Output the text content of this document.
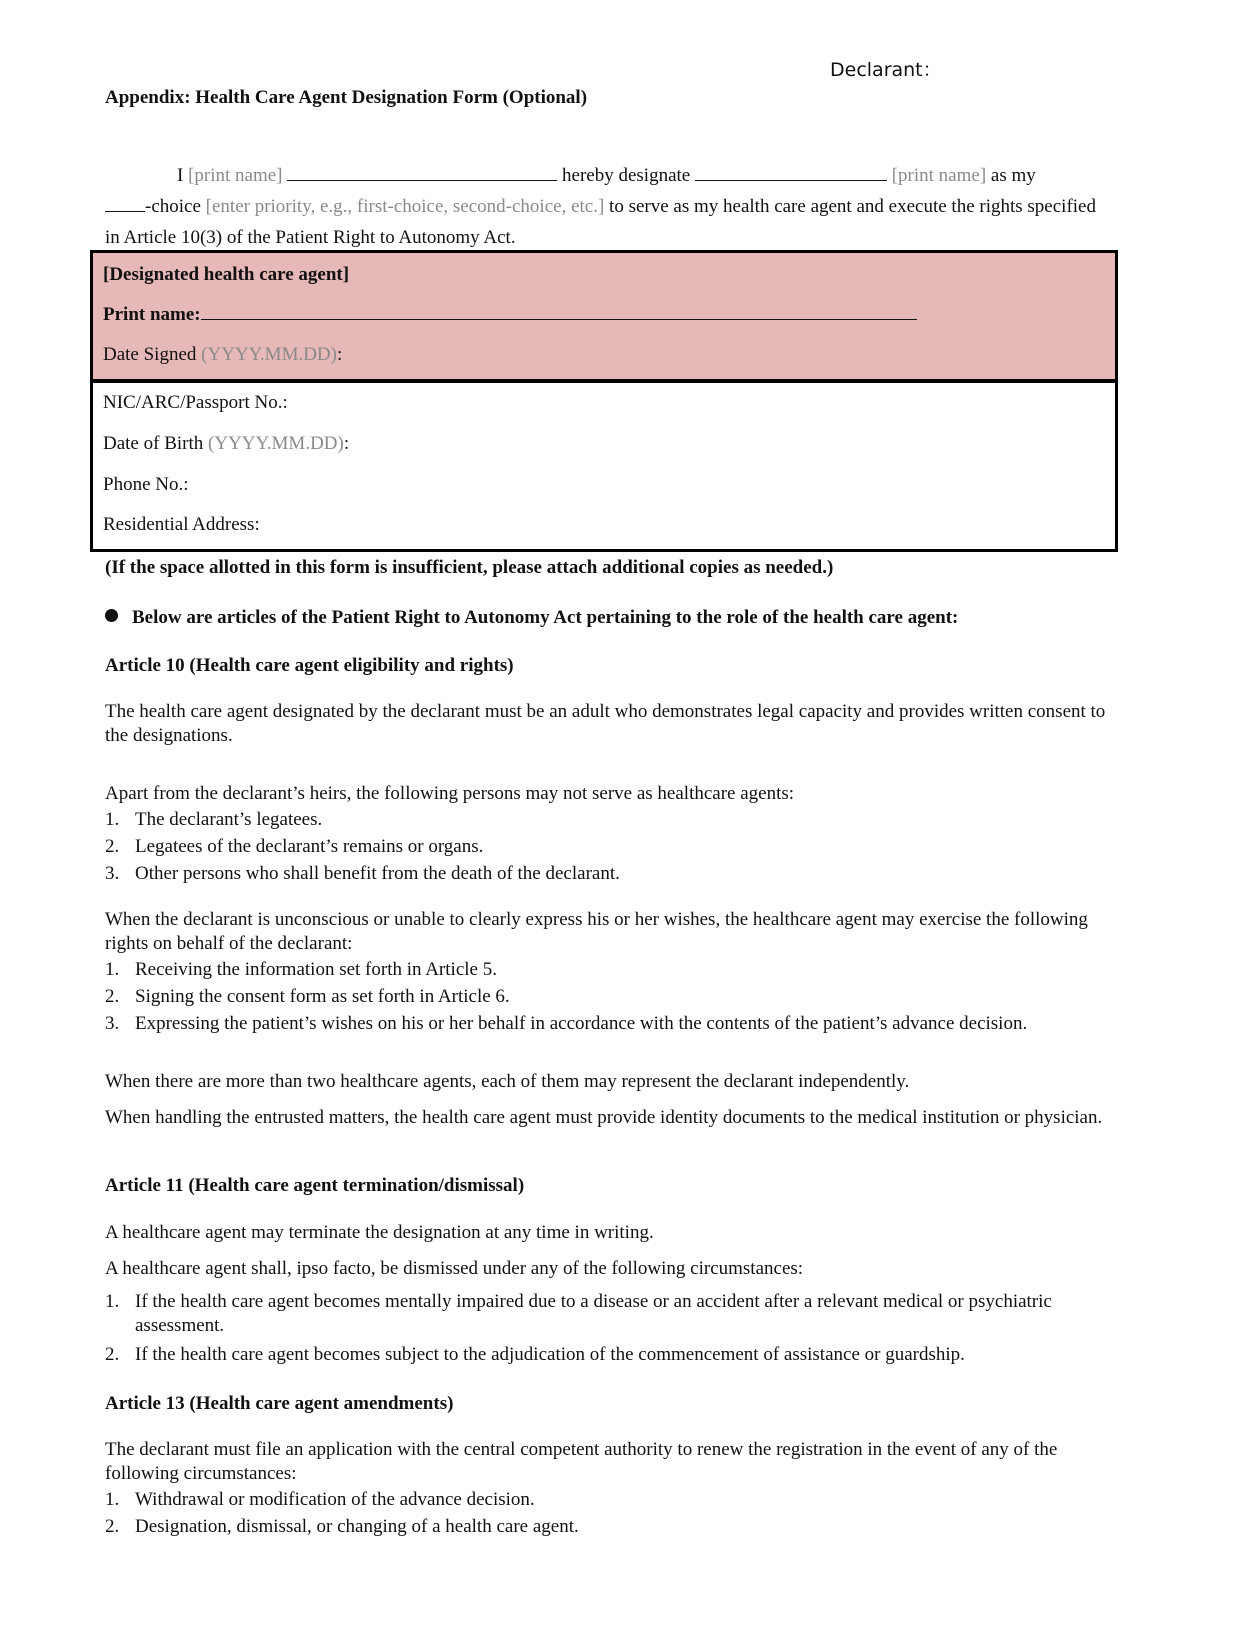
Declarant：
Appendix: Health Care Agent Designation Form (Optional)
I [print name]	hereby designate	[print name] as my
-choice [enter priority, e.g., first-choice, second-choice, etc.] to serve as my health care agent and execute the rights specified in Article 10(3) of the Patient Right to Autonomy Act.
[Designated health care agent]
Print name:
Date Signed (YYYY.MM.DD):
NIC/ARC/Passport No.:
Date of Birth (YYYY.MM.DD):
Phone No.:
Residential Address:
(If the space allotted in this form is insufficient, please attach additional copies as needed.)
Below are articles of the Patient Right to Autonomy Act pertaining to the role of the health care agent:
Article 10 (Health care agent eligibility and rights)
The health care agent designated by the declarant must be an adult who demonstrates legal capacity and provides written consent to the designations.
Apart from the declarant’s heirs, the following persons may not serve as healthcare agents:
1. The declarant’s legatees.
2. Legatees of the declarant’s remains or organs.
3. Other persons who shall benefit from the death of the declarant.
When the declarant is unconscious or unable to clearly express his or her wishes, the healthcare agent may exercise the following rights on behalf of the declarant:
1. Receiving the information set forth in Article 5.
2. Signing the consent form as set forth in Article 6.
3. Expressing the patient’s wishes on his or her behalf in accordance with the contents of the patient’s advance decision.
When there are more than two healthcare agents, each of them may represent the declarant independently.
When handling the entrusted matters, the health care agent must provide identity documents to the medical institution or physician.
Article 11 (Health care agent termination/dismissal)
A healthcare agent may terminate the designation at any time in writing.
A healthcare agent shall, ipso facto, be dismissed under any of the following circumstances:
1. If the health care agent becomes mentally impaired due to a disease or an accident after a relevant medical or psychiatric assessment.
2. If the health care agent becomes subject to the adjudication of the commencement of assistance or guardship.
Article 13 (Health care agent amendments)
The declarant must file an application with the central competent authority to renew the registration in the event of any of the following circumstances:
1. Withdrawal or modification of the advance decision.
2. Designation, dismissal, or changing of a health care agent.
